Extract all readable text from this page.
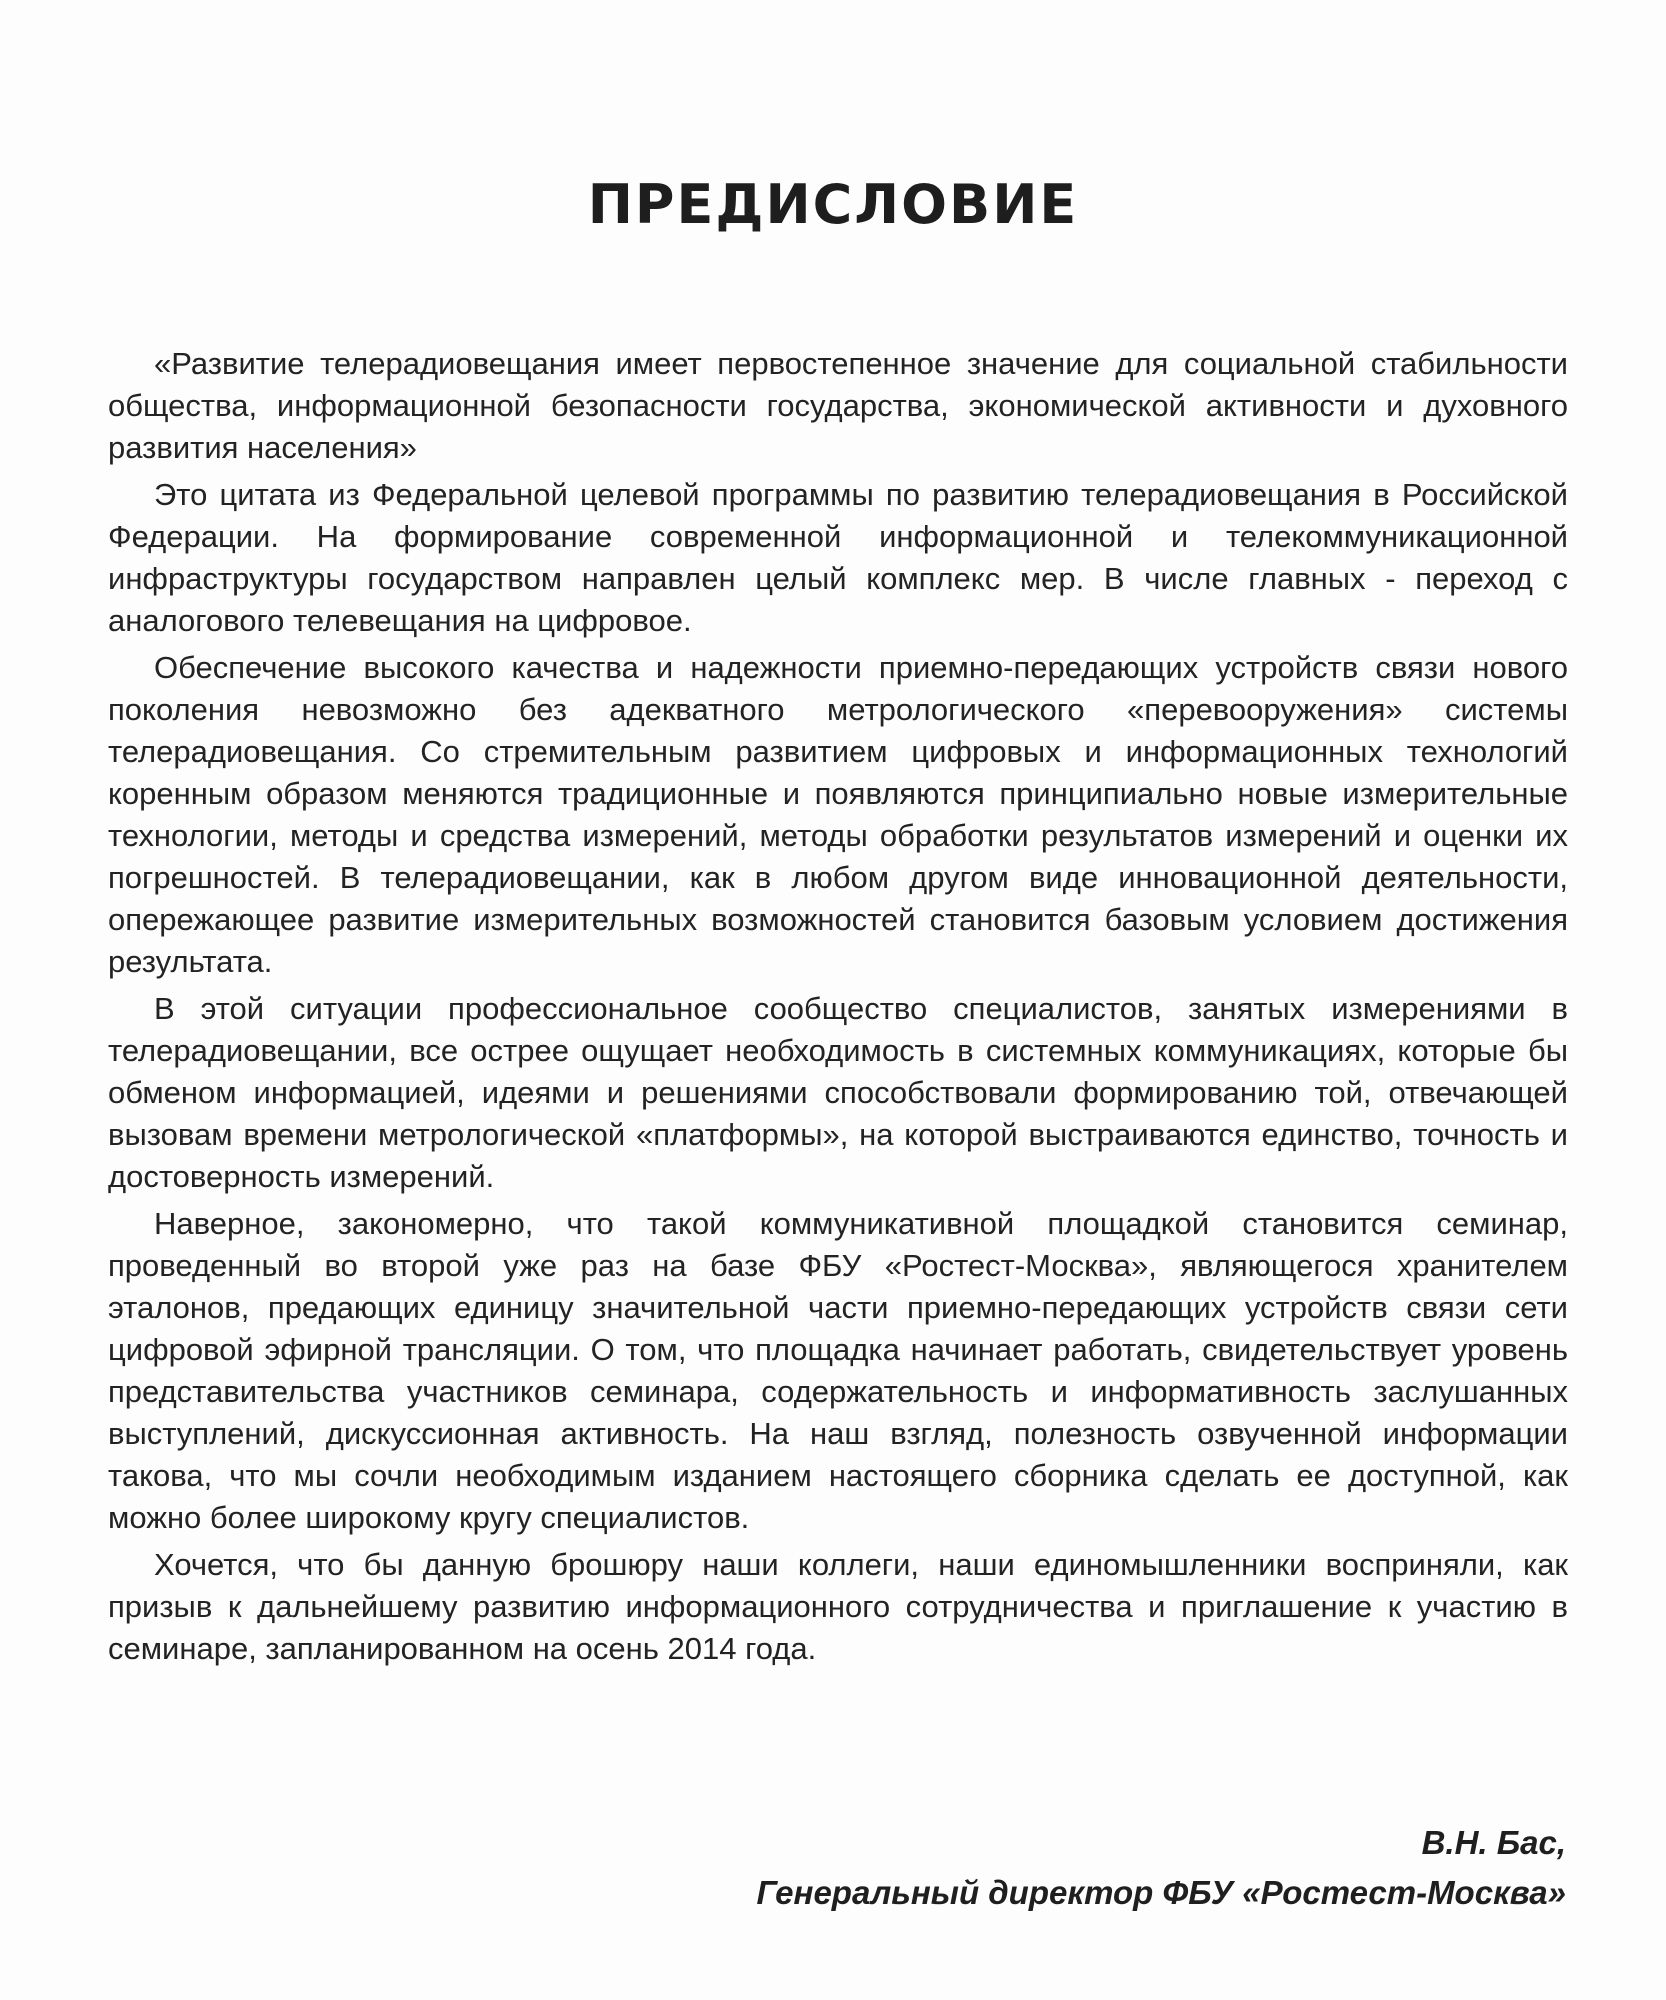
ПРЕДИСЛОВИЕ

«Развитие телерадиовещания имеет первостепенное значение для социальной стабильности общества, информационной безопасности государства, экономической активности и духовного развития населения»

Это цитата из Федеральной целевой программы по развитию телерадиовещания в Российской Федерации. На формирование современной информационной и телекоммуникационной инфраструктуры государством направлен целый комплекс мер. В числе главных - переход с аналогового телевещания на цифровое.

Обеспечение высокого качества и надежности приемно-передающих устройств связи нового поколения невозможно без адекватного метрологического «перевооружения» системы телерадиовещания. Со стремительным развитием цифровых и информационных технологий коренным образом меняются традиционные и появляются принципиально новые измерительные технологии, методы и средства измерений, методы обработки результатов измерений и оценки их погрешностей. В телерадиовещании, как в любом другом виде инновационной деятельности, опережающее развитие измерительных возможностей становится базовым условием достижения результата.

В этой ситуации профессиональное сообщество специалистов, занятых измерениями в телерадиовещании, все острее ощущает необходимость в системных коммуникациях, которые бы обменом информацией, идеями и решениями способствовали формированию той, отвечающей вызовам времени метрологической «платформы», на которой выстраиваются единство, точность и достоверность измерений.

Наверное, закономерно, что такой коммуникативной площадкой становится семинар, проведенный во второй уже раз на базе ФБУ «Ростест-Москва», являющегося хранителем эталонов, предающих единицу значительной части приемно-передающих устройств связи сети цифровой эфирной трансляции. О том, что площадка начинает работать, свидетельствует уровень представительства участников семинара, содержательность и информативность заслушанных выступлений, дискуссионная активность. На наш взгляд, полезность озвученной информации такова, что мы сочли необходимым изданием настоящего сборника сделать ее доступной, как можно более широкому кругу специалистов.

Хочется, что бы данную брошюру наши коллеги, наши единомышленники восприняли, как призыв к дальнейшему развитию информационного сотрудничества и приглашение к участию в семинаре, запланированном на осень 2014 года.

В.Н. Бас,
Генеральный директор ФБУ «Ростест-Москва»
